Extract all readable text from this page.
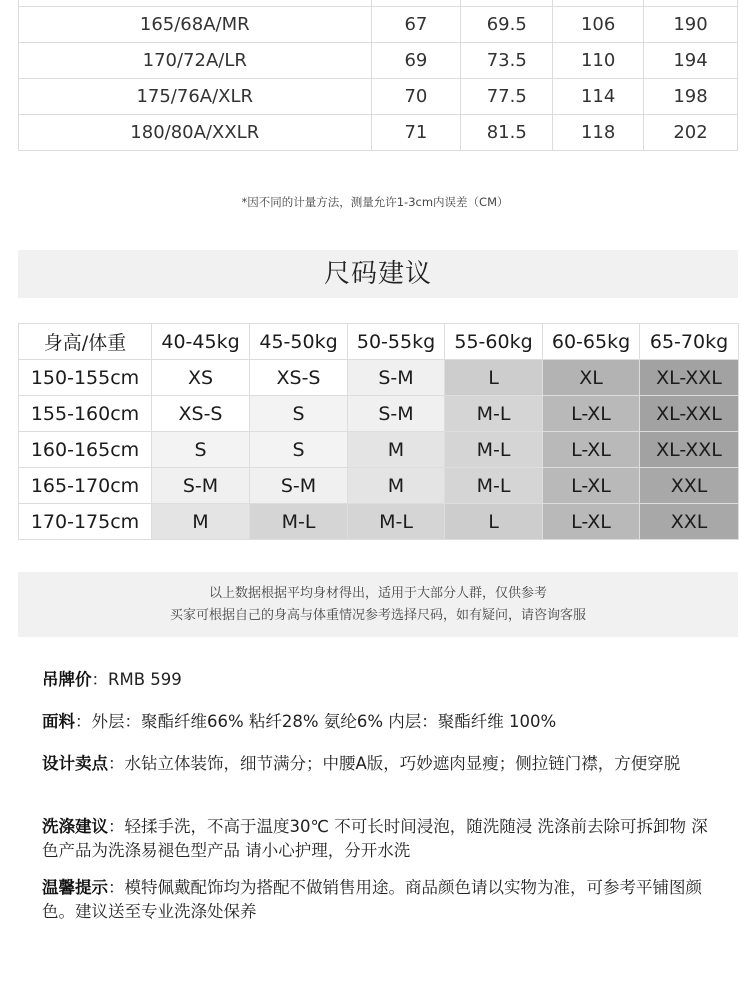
165/68A/MR	67	69.5	106	190
170/72A/LR	69	73.5	110	194
175/76A/XLR	70	77.5	114	198
180/80A/XXLR	71	81.5	118	202
*因不同的计量方法，测量允许1-3cm内误差（CM）
尺码建议
身高/体重	40-45kg	45-50kg	50-55kg	55-60kg	60-65kg	65-70kg
150-155cm	XS	XS-S	S-M	L	XL	XL-XXL
155-160cm	XS-S	S	S-M	M-L	L-XL	XL-XXL
160-165cm	S	S	M	M-L	L-XL	XL-XXL
165-170cm	S-M	S-M	M	M-L	L-XL	XXL
170-175cm	M	M-L	M-L	L	L-XL	XXL
以上数据根据平均身材得出，适用于大部分人群，仅供参考
买家可根据自己的身高与体重情况参考选择尺码，如有疑问，请咨询客服
吊牌价：RMB 599
面料：外层：聚酯纤维66% 粘纤28% 氨纶6% 内层：聚酯纤维 100%
设计卖点：水钻立体装饰，细节满分；中腰A版，巧妙遮肉显瘦；侧拉链门襟，方便穿脱
洗涤建议：轻揉手洗，不高于温度30℃ 不可长时间浸泡，随洗随浸 洗涤前去除可拆卸物 深色产品为洗涤易褪色型产品 请小心护理，分开水洗
温馨提示：模特佩戴配饰均为搭配不做销售用途。商品颜色请以实物为准，可参考平铺图颜色。建议送至专业洗涤处保养
